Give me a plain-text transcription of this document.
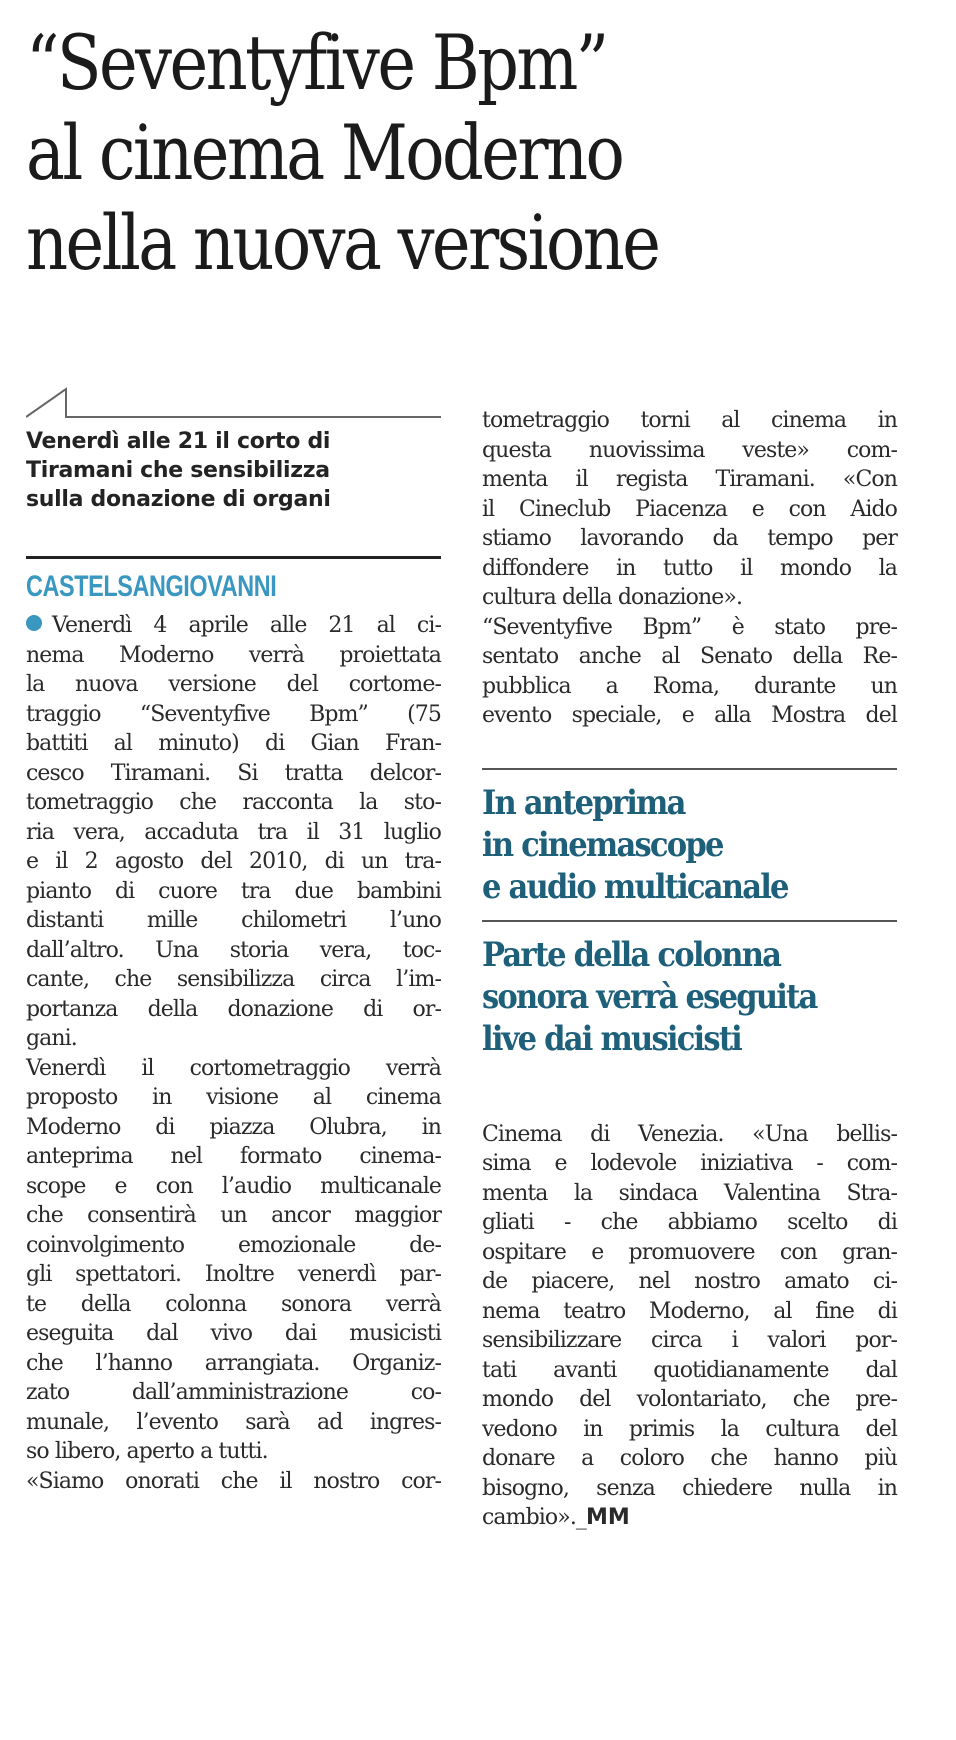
“Seventyfive Bpm”
al cinema Moderno
nella nuova versione
Venerdì alle 21 il corto di
Tiramani che sensibilizza
sulla donazione di organi
CASTELSANGIOVANNI
Venerdì 4 aprile alle 21 al ci-
nema Moderno verrà proiettata
la nuova versione del cortome-
traggio “Seventyfive Bpm” (75
battiti al minuto) di Gian Fran-
cesco Tiramani. Si tratta delcor-
tometraggio che racconta la sto-
ria vera, accaduta tra il 31 luglio
e il 2 agosto del 2010, di un tra-
pianto di cuore tra due bambini
distanti mille chilometri l’uno
dall’altro. Una storia vera, toc-
cante, che sensibilizza circa l’im-
portanza della donazione di or-
gani.
Venerdì il cortometraggio verrà
proposto in visione al cinema
Moderno di piazza Olubra, in
anteprima nel formato cinema-
scope e con l’audio multicanale
che consentirà un ancor maggior
coinvolgimento emozionale de-
gli spettatori. Inoltre venerdì par-
te della colonna sonora verrà
eseguita dal vivo dai musicisti
che l’hanno arrangiata. Organiz-
zato dall’amministrazione co-
munale, l’evento sarà ad ingres-
so libero, aperto a tutti.
«Siamo onorati che il nostro cor-
tometraggio torni al cinema in
questa nuovissima veste» com-
menta il regista Tiramani. «Con
il Cineclub Piacenza e con Aido
stiamo lavorando da tempo per
diffondere in tutto il mondo la
cultura della donazione».
“Seventyfive Bpm” è stato pre-
sentato anche al Senato della Re-
pubblica a Roma, durante un
evento speciale, e alla Mostra del
In anteprima
in cinemascope
e audio multicanale
Parte della colonna
sonora verrà eseguita
live dai musicisti
Cinema di Venezia. «Una bellis-
sima e lodevole iniziativa - com-
menta la sindaca Valentina Stra-
gliati - che abbiamo scelto di
ospitare e promuovere con gran-
de piacere, nel nostro amato ci-
nema teatro Moderno, al fine di
sensibilizzare circa i valori por-
tati avanti quotidianamente dal
mondo del volontariato, che pre-
vedono in primis la cultura del
donare a coloro che hanno più
bisogno, senza chiedere nulla in
cambio»._MM
